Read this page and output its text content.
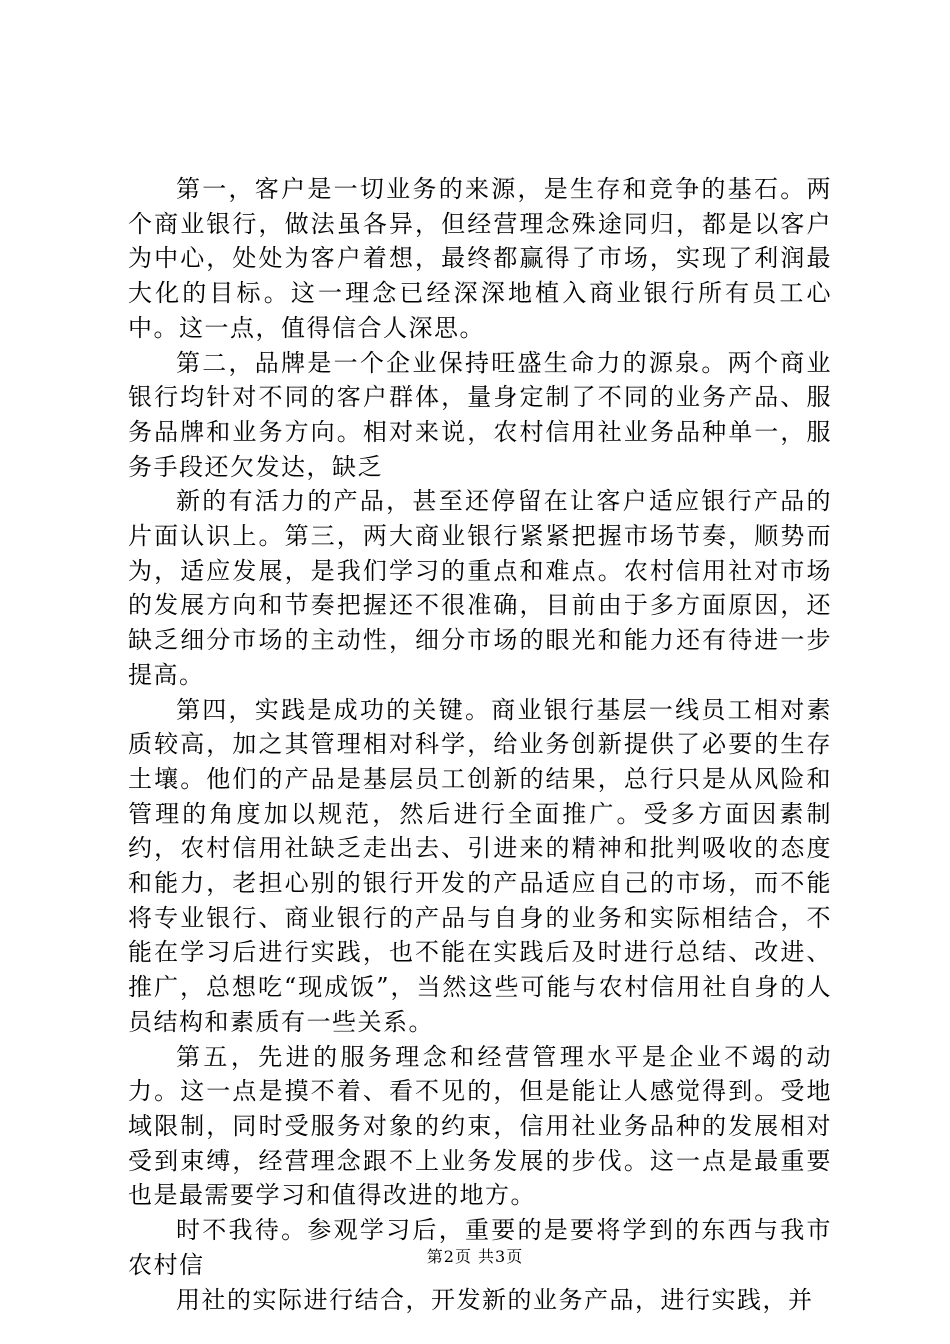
第一，客户是一切业务的来源，是生存和竞争的基石。两个商业银行，做法虽各异，但经营理念殊途同归，都是以客户为中心，处处为客户着想，最终都赢得了市场，实现了利润最大化的目标。这一理念已经深深地植入商业银行所有员工心中。这一点，值得信合人深思。

第二，品牌是一个企业保持旺盛生命力的源泉。两个商业银行均针对不同的客户群体，量身定制了不同的业务产品、服务品牌和业务方向。相对来说，农村信用社业务品种单一，服务手段还欠发达，缺乏

新的有活力的产品，甚至还停留在让客户适应银行产品的片面认识上。第三，两大商业银行紧紧把握市场节奏，顺势而为，适应发展，是我们学习的重点和难点。农村信用社对市场的发展方向和节奏把握还不很准确，目前由于多方面原因，还缺乏细分市场的主动性，细分市场的眼光和能力还有待进一步提高。

第四，实践是成功的关键。商业银行基层一线员工相对素质较高，加之其管理相对科学，给业务创新提供了必要的生存土壤。他们的产品是基层员工创新的结果，总行只是从风险和管理的角度加以规范，然后进行全面推广。受多方面因素制约，农村信用社缺乏走出去、引进来的精神和批判吸收的态度和能力，老担心别的银行开发的产品适应自己的市场，而不能将专业银行、商业银行的产品与自身的业务和实际相结合，不能在学习后进行实践，也不能在实践后及时进行总结、改进、推广，总想吃“现成饭”，当然这些可能与农村信用社自身的人员结构和素质有一些关系。

第五，先进的服务理念和经营管理水平是企业不竭的动力。这一点是摸不着、看不见的，但是能让人感觉得到。受地域限制，同时受服务对象的约束，信用社业务品种的发展相对受到束缚，经营理念跟不上业务发展的步伐。这一点是最重要也是最需要学习和值得改进的地方。

时不我待。参观学习后，重要的是要将学到的东西与我市农村信

用社的实际进行结合，开发新的业务产品，进行实践，并

第2页 共3页
